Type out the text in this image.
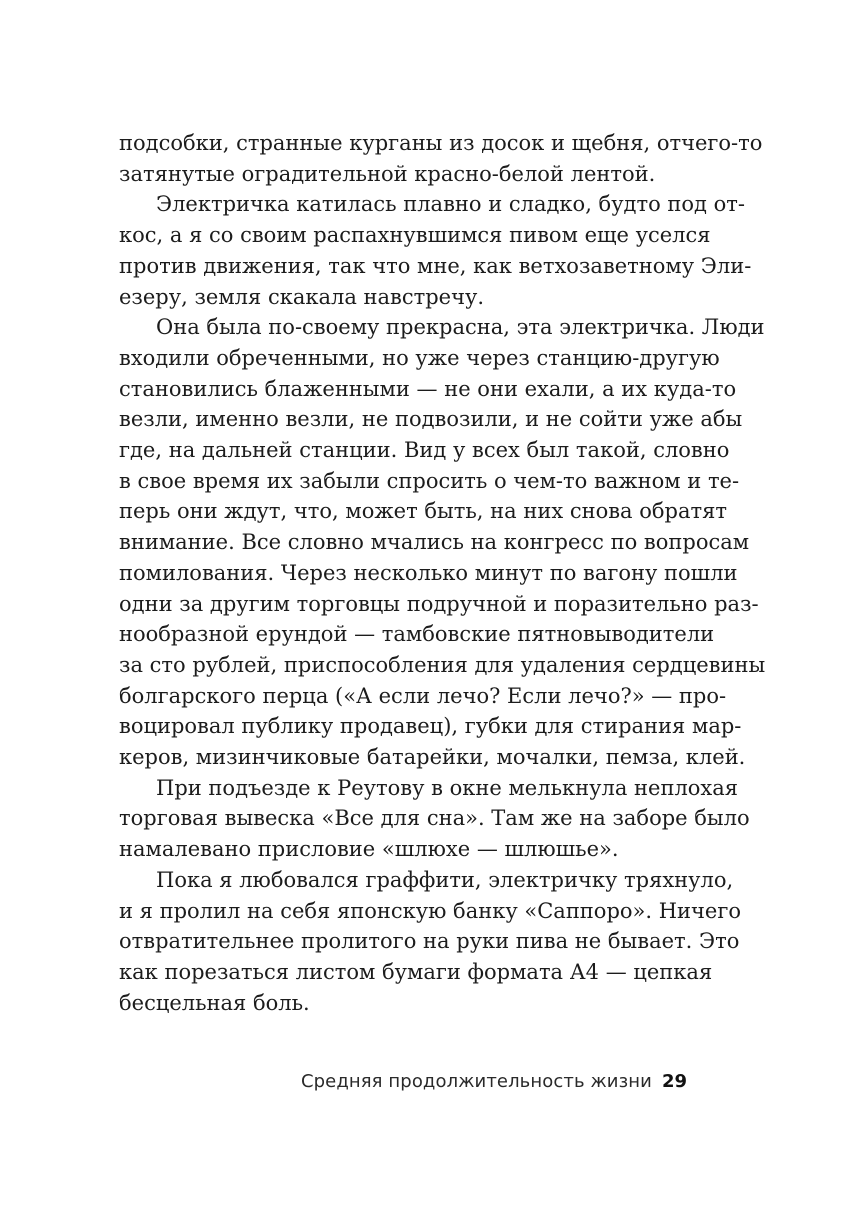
подсобки, странные курганы из досок и щебня, отчего-то
затянутые оградительной красно-белой лентой.
Электричка катилась плавно и сладко, будто под от-
кос, а я со своим распахнувшимся пивом еще уселся
против движения, так что мне, как ветхозаветному Эли-
езеру, земля скакала навстречу.
Она была по-своему прекрасна, эта электричка. Люди
входили обреченными, но уже через станцию-другую
становились блаженными — не они ехали, а их куда-то
везли, именно везли, не подвозили, и не сойти уже абы
где, на дальней станции. Вид у всех был такой, словно
в свое время их забыли спросить о чем-то важном и те-
перь они ждут, что, может быть, на них снова обратят
внимание. Все словно мчались на конгресс по вопросам
помилования. Через несколько минут по вагону пошли
одни за другим торговцы подручной и поразительно раз-
нообразной ерундой — тамбовские пятновыводители
за сто рублей, приспособления для удаления сердцевины
болгарского перца («А если лечо? Если лечо?» — про-
воцировал публику продавец), губки для стирания мар-
керов, мизинчиковые батарейки, мочалки, пемза, клей.
При подъезде к Реутову в окне мелькнула неплохая
торговая вывеска «Все для сна». Там же на заборе было
намалевано присловие «шлюхе — шлюшье».
Пока я любовался граффити, электричку тряхнуло,
и я пролил на себя японскую банку «Саппоро». Ничего
отвратительнее пролитого на руки пива не бывает. Это
как порезаться листом бумаги формата А4 — цепкая
бесцельная боль.
Средняя продолжительность жизни 29
